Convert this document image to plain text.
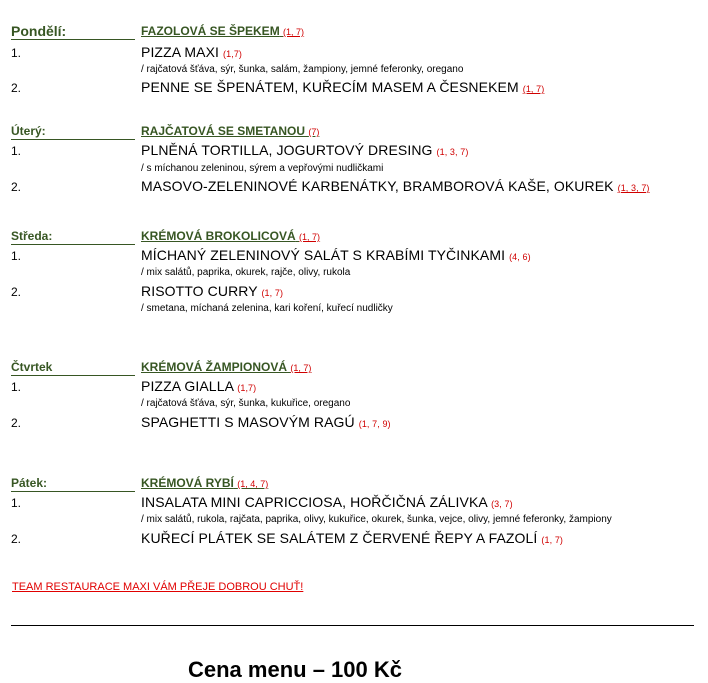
Pondělí:	FAZOLOVÁ SE ŠPEKEM (1, 7)
1.	PIZZA MAXI (1,7)
/ rajčatová šťáva, sýr, šunka, salám, žampiony, jemné feferonky, oregano
2.	PENNE SE ŠPENÁTEM, KUŘECÍM MASEM A ČESNEKEM (1, 7)
Úterý:	RAJČATOVÁ SE SMETANOU (7)
1.	PLNĚNÁ TORTILLA, JOGURTOVÝ DRESING (1, 3, 7)
/ s míchanou zeleninou, sýrem a vepřovými nudličkami
2.	MASOVO-ZELENINOVÉ KARBENÁTKY, BRAMBOROVÁ KAŠE, OKUREK (1, 3, 7)
Středa:	KRÉMOVÁ BROKOLICOVÁ (1, 7)
1.	MÍCHANÝ ZELENINOVÝ SALÁT S KRABÍMI TYČINKAMI (4, 6)
/ mix salátů, paprika, okurek, rajče, olivy, rukola
2.	RISOTTO CURRY (1, 7)
/ smetana, míchaná zelenina, kari koření, kuřecí nudličky
Čtvrtek	KRÉMOVÁ ŽAMPIONOVÁ (1, 7)
1.	PIZZA GIALLA (1,7)
/ rajčatová šťáva, sýr, šunka, kukuřice, oregano
2.	SPAGHETTI S MASOVÝM RAGÚ (1, 7, 9)
Pátek:	KRÉMOVÁ RYBÍ (1, 4, 7)
1.	INSALATA MINI CAPRICCIOSA, HOŘČIČNÁ ZÁLIVKA (3, 7)
/ mix salátů, rukola, rajčata, paprika, olivy, kukuřice, okurek, šunka, vejce, olivy, jemné feferonky, žampiony
2.	KUŘECÍ PLÁTEK SE SALÁTEM Z ČERVENÉ ŘEPY A FAZOLÍ (1, 7)
TEAM RESTAURACE MAXI VÁM PŘEJE DOBROU CHUŤ!
Cena menu – 100 Kč
